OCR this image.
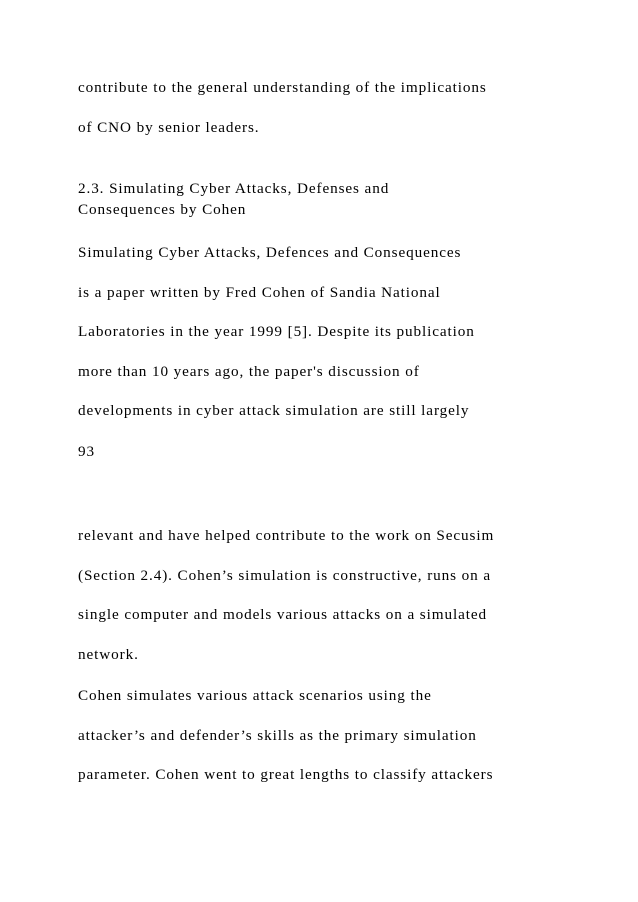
contribute to the general understanding of the implications
of CNO by senior leaders.
2.3. Simulating Cyber Attacks, Defenses and
Consequences by Cohen
Simulating Cyber Attacks, Defences and Consequences
is a paper written by Fred Cohen of Sandia National
Laboratories in the year 1999 [5]. Despite its publication
more than 10 years ago, the paper's discussion of
developments in cyber attack simulation are still largely
93
relevant and have helped contribute to the work on Secusim
(Section 2.4). Cohen’s simulation is constructive, runs on a
single computer and models various attacks on a simulated
network.
Cohen simulates various attack scenarios using the
attacker’s and defender’s skills as the primary simulation
parameter. Cohen went to great lengths to classify attackers
